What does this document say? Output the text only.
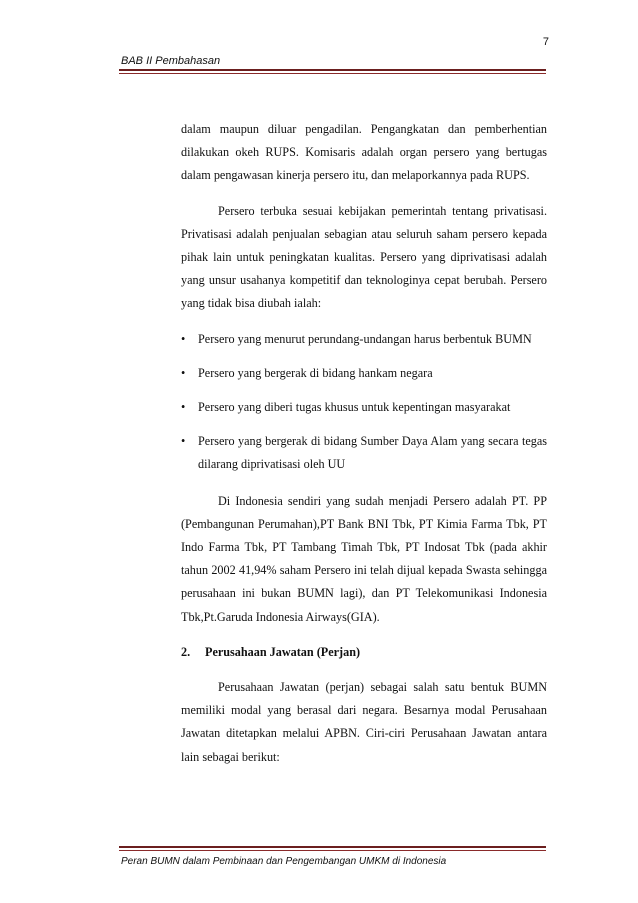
7
BAB II Pembahasan

dalam maupun diluar pengadilan. Pengangkatan dan pemberhentian dilakukan okeh RUPS. Komisaris adalah organ persero yang bertugas dalam pengawasan kinerja persero itu, dan melaporkannya pada RUPS.

Persero terbuka sesuai kebijakan pemerintah tentang privatisasi. Privatisasi adalah penjualan sebagian atau seluruh saham persero kepada pihak lain untuk peningkatan kualitas. Persero yang diprivatisasi adalah yang unsur usahanya kompetitif dan teknologinya cepat berubah. Persero yang tidak bisa diubah ialah:

• Persero yang menurut perundang-undangan harus berbentuk BUMN
• Persero yang bergerak di bidang hankam negara
• Persero yang diberi tugas khusus untuk kepentingan masyarakat
• Persero yang bergerak di bidang Sumber Daya Alam yang secara tegas dilarang diprivatisasi oleh UU

Di Indonesia sendiri yang sudah menjadi Persero adalah PT. PP (Pembangunan Perumahan),PT Bank BNI Tbk, PT Kimia Farma Tbk, PT Indo Farma Tbk, PT Tambang Timah Tbk, PT Indosat Tbk (pada akhir tahun 2002 41,94% saham Persero ini telah dijual kepada Swasta sehingga perusahaan ini bukan BUMN lagi), dan PT Telekomunikasi Indonesia Tbk,Pt.Garuda Indonesia Airways(GIA).

2. Perusahaan Jawatan (Perjan)

Perusahaan Jawatan (perjan) sebagai salah satu bentuk BUMN memiliki modal yang berasal dari negara. Besarnya modal Perusahaan Jawatan ditetapkan melalui APBN. Ciri-ciri Perusahaan Jawatan antara lain sebagai berikut:

Peran BUMN dalam Pembinaan dan Pengembangan UMKM di Indonesia
